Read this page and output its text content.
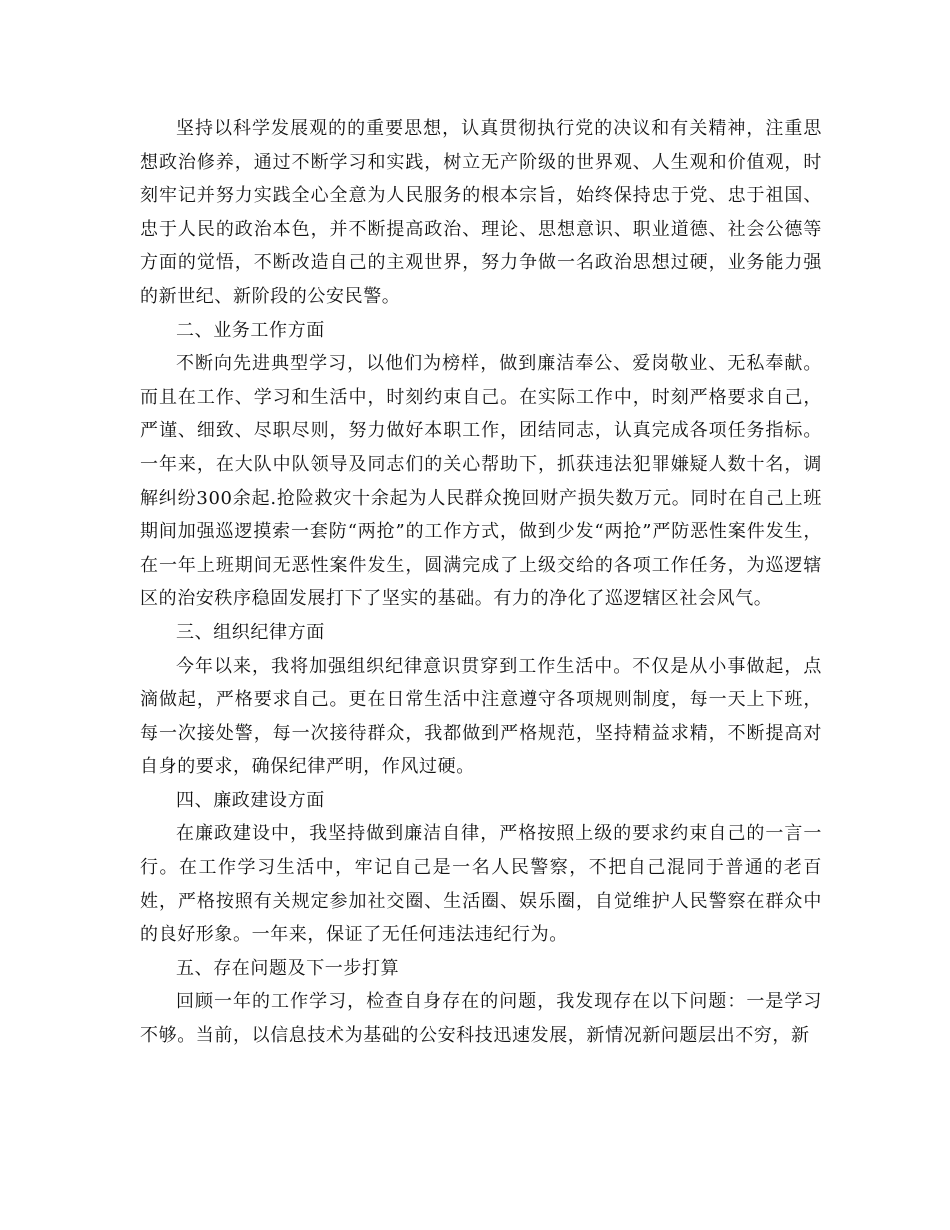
坚持以科学发展观的的重要思想，认真贯彻执行党的决议和有关精神，注重思想政治修养，通过不断学习和实践，树立无产阶级的世界观、人生观和价值观，时刻牢记并努力实践全心全意为人民服务的根本宗旨，始终保持忠于党、忠于祖国、忠于人民的政治本色，并不断提高政治、理论、思想意识、职业道德、社会公德等方面的觉悟，不断改造自己的主观世界，努力争做一名政治思想过硬，业务能力强的新世纪、新阶段的公安民警。

二、业务工作方面

不断向先进典型学习，以他们为榜样，做到廉洁奉公、爱岗敬业、无私奉献。而且在工作、学习和生活中，时刻约束自己。在实际工作中，时刻严格要求自己，严谨、细致、尽职尽则，努力做好本职工作，团结同志，认真完成各项任务指标。一年来，在大队中队领导及同志们的关心帮助下，抓获违法犯罪嫌疑人数十名，调解纠纷300余起.抢险救灾十余起为人民群众挽回财产损失数万元。同时在自己上班期间加强巡逻摸索一套防“两抢”的工作方式，做到少发“两抢”严防恶性案件发生，在一年上班期间无恶性案件发生，圆满完成了上级交给的各项工作任务，为巡逻辖区的治安秩序稳固发展打下了坚实的基础。有力的净化了巡逻辖区社会风气。

三、组织纪律方面

今年以来，我将加强组织纪律意识贯穿到工作生活中。不仅是从小事做起，点滴做起，严格要求自己。更在日常生活中注意遵守各项规则制度，每一天上下班，每一次接处警，每一次接待群众，我都做到严格规范，坚持精益求精，不断提高对自身的要求，确保纪律严明，作风过硬。

四、廉政建设方面

在廉政建设中，我坚持做到廉洁自律，严格按照上级的要求约束自己的一言一行。在工作学习生活中，牢记自己是一名人民警察，不把自己混同于普通的老百姓，严格按照有关规定参加社交圈、生活圈、娱乐圈，自觉维护人民警察在群众中的良好形象。一年来，保证了无任何违法违纪行为。

五、存在问题及下一步打算

回顾一年的工作学习，检查自身存在的问题，我发现存在以下问题：一是学习不够。当前，以信息技术为基础的公安科技迅速发展，新情况新问题层出不穷，新
